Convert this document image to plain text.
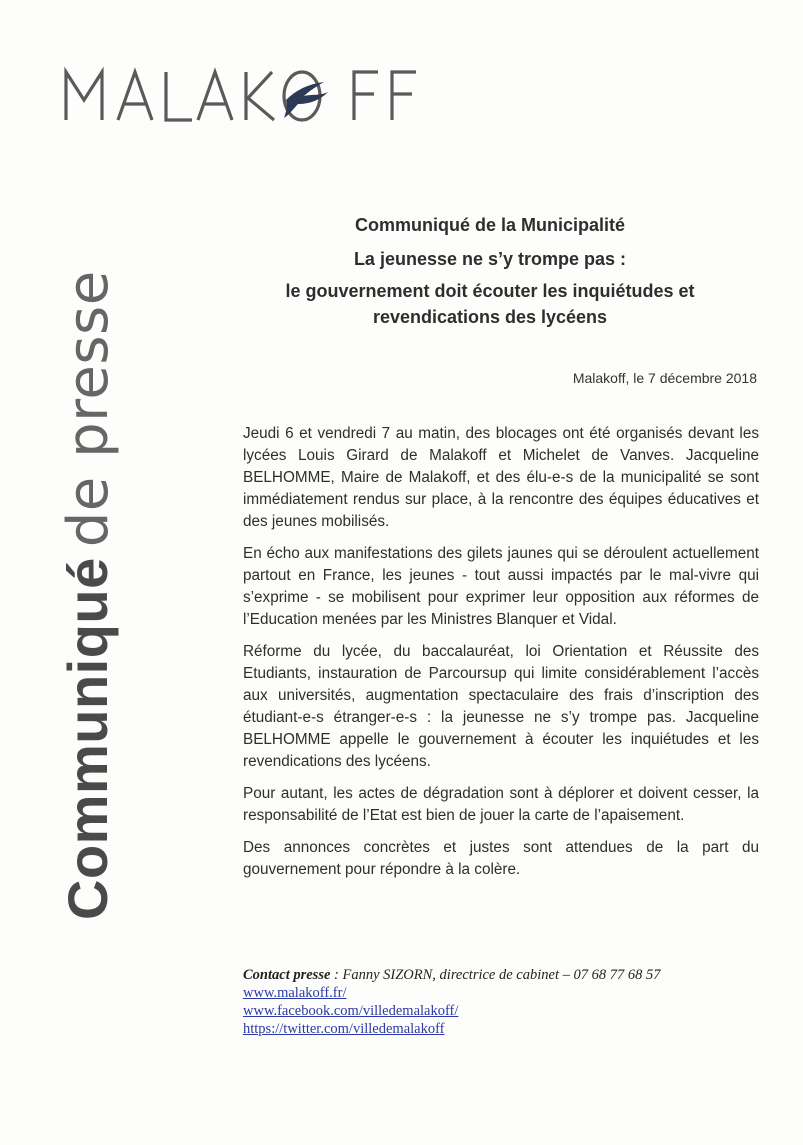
Communiquéde presse
Communiqué de la Municipalité
La jeunesse ne s’y trompe pas :
le gouvernement doit écouter les inquiétudes et
revendications des lycéens
Malakoff, le 7 décembre 2018

Jeudi 6 et vendredi 7 au matin, des blocages ont été organisés devant les lycées Louis Girard de Malakoff et Michelet de Vanves. Jacqueline BELHOMME, Maire de Malakoff, et des élu-e-s de la municipalité se sont immédiatement rendus sur place, à la rencontre des équipes éducatives et des jeunes mobilisés.

En écho aux manifestations des gilets jaunes qui se déroulent actuellement partout en France, les jeunes - tout aussi impactés par le mal-vivre qui s’exprime - se mobilisent pour exprimer leur opposition aux réformes de l’Education menées par les Ministres Blanquer et Vidal.

Réforme du lycée, du baccalauréat, loi Orientation et Réussite des Etudiants, instauration de Parcoursup qui limite considérablement l’accès aux universités, augmentation spectaculaire des frais d’inscription des étudiant-e-s étranger-e-s : la jeunesse ne s’y trompe pas. Jacqueline BELHOMME appelle le gouvernement à écouter les inquiétudes et les revendications des lycéens.

Pour autant, les actes de dégradation sont à déplorer et doivent cesser, la responsabilité de l’Etat est bien de jouer la carte de l’apaisement.

Des annonces concrètes et justes sont attendues de la part du gouvernement pour répondre à la colère.

Contact presse : Fanny SIZORN, directrice de cabinet – 07 68 77 68 57
www.malakoff.fr/
www.facebook.com/villedemalakoff/
https://twitter.com/villedemalakoff
